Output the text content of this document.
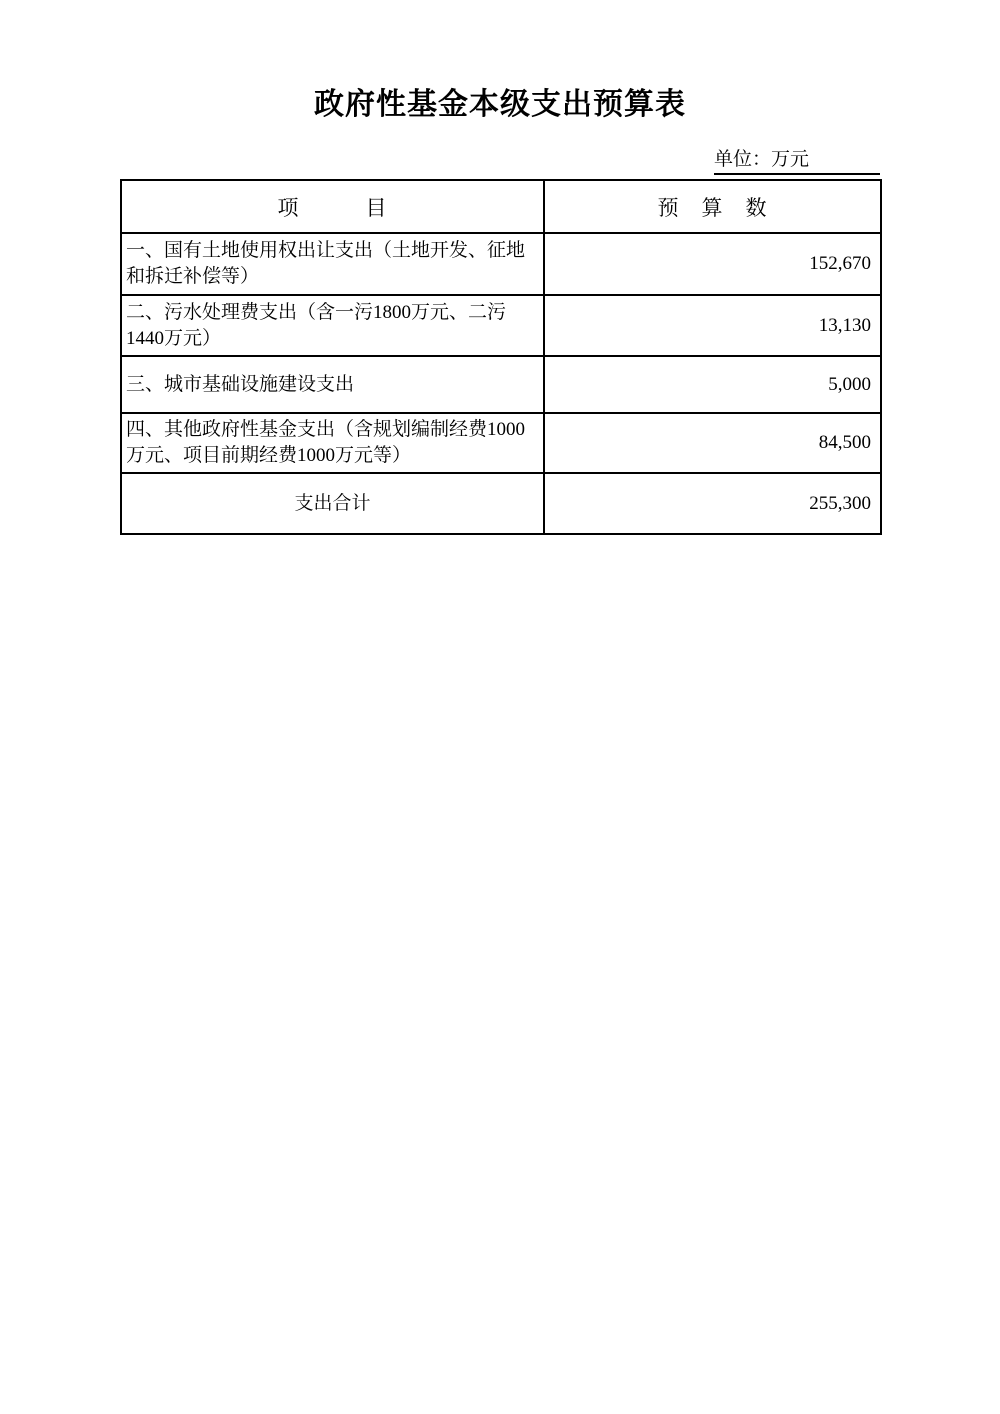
政府性基金本级支出预算表
单位：万元
项　　　目	预　算　数
一、国有土地使用权出让支出（土地开发、征地和拆迁补偿等）	152,670
二、污水处理费支出（含一污1800万元、二污1440万元）	13,130
三、城市基础设施建设支出	5,000
四、其他政府性基金支出（含规划编制经费1000万元、项目前期经费1000万元等）	84,500
支出合计	255,300
